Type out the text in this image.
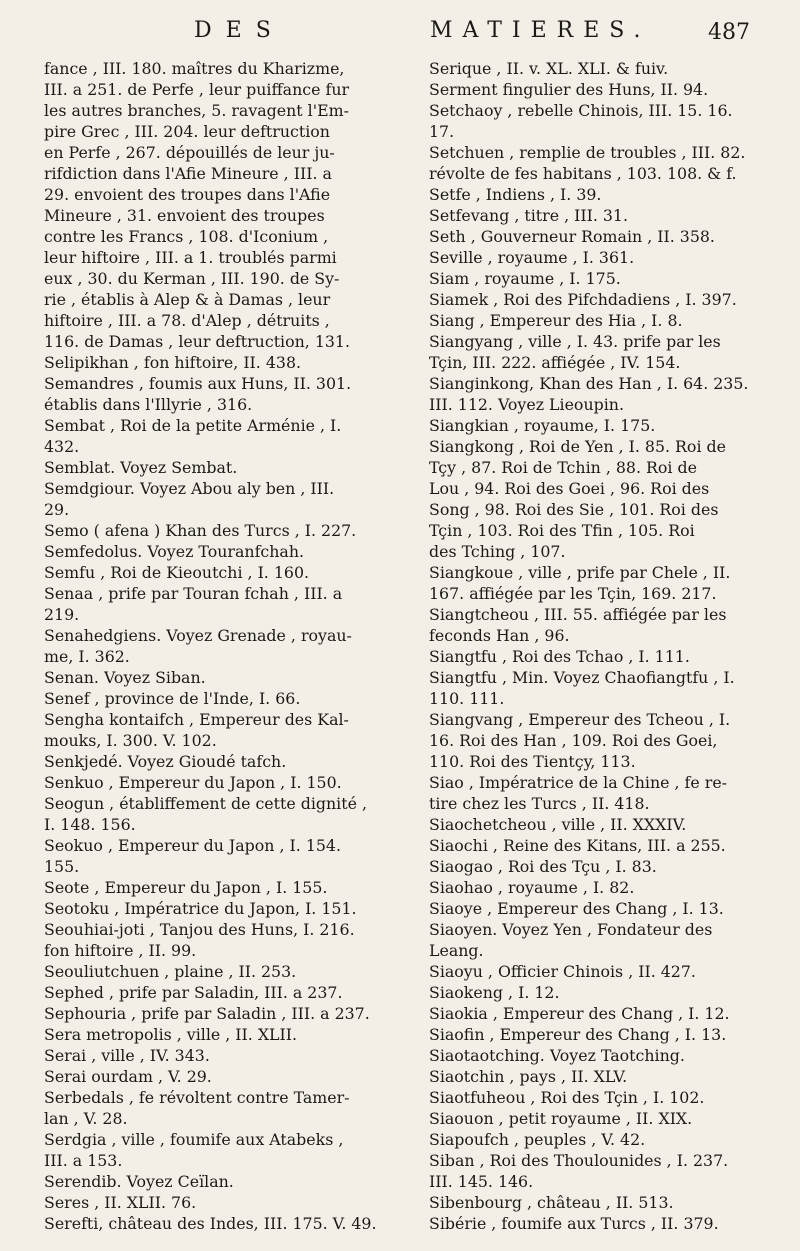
DES	MATIERES.	487
fance , III. 180. maîtres du Kharizme,
III. a 251. de Perfe , leur puiffance fur
les autres branches, 5. ravagent l'Em-
pire Grec , III. 204. leur deftruction
en Perfe , 267. dépouillés de leur ju-
rifdiction dans l'Afie Mineure , III. a
29. envoient des troupes dans l'Afie
Mineure , 31. envoient des troupes
contre les Francs , 108. d'Iconium ,
leur hiftoire , III. a 1. troublés parmi
eux , 30. du Kerman , III. 190. de Sy-
rie , établis à Alep & à Damas , leur
hiftoire , III. a 78. d'Alep , détruits ,
116. de Damas , leur deftruction, 131.
Selipikhan , fon hiftoire, II. 438.
Semandres , foumis aux Huns, II. 301.
établis dans l'Illyrie , 316.
Sembat , Roi de la petite Arménie , I.
432.
Semblat. Voyez Sembat.
Semdgiour. Voyez Abou aly ben , III.
29.
Semo ( afena ) Khan des Turcs , I. 227.
Semfedolus. Voyez Touranfchah.
Semfu , Roi de Kieoutchi , I. 160.
Senaa , prife par Touran fchah , III. a
219.
Senahedgiens. Voyez Grenade , royau-
me, I. 362.
Senan. Voyez Siban.
Senef , province de l'Inde, I. 66.
Sengha kontaifch , Empereur des Kal-
mouks, I. 300. V. 102.
Senkjedé. Voyez Gioudé tafch.
Senkuo , Empereur du Japon , I. 150.
Seogun , établiffement de cette dignité ,
I. 148. 156.
Seokuo , Empereur du Japon , I. 154.
155.
Seote , Empereur du Japon , I. 155.
Seotoku , Impératrice du Japon, I. 151.
Seouhiai-joti , Tanjou des Huns, I. 216.
fon hiftoire , II. 99.
Seouliutchuen , plaine , II. 253.
Sephed , prife par Saladin, III. a 237.
Sephouria , prife par Saladin , III. a 237.
Sera metropolis , ville , II. XLII.
Serai , ville , IV. 343.
Serai ourdam , V. 29.
Serbedals , fe révoltent contre Tamer-
lan , V. 28.
Serdgia , ville , foumife aux Atabeks ,
III. a 153.
Serendib. Voyez Ceïlan.
Seres , II. XLII. 76.
Serefti, château des Indes, III. 175. V. 49.
Serique , II. v. XL. XLI. & fuiv.
Serment fingulier des Huns, II. 94.
Setchaoy , rebelle Chinois, III. 15. 16.
17.
Setchuen , remplie de troubles , III. 82.
révolte de fes habitans , 103. 108. & f.
Setfe , Indiens , I. 39.
Setfevang , titre , III. 31.
Seth , Gouverneur Romain , II. 358.
Seville , royaume , I. 361.
Siam , royaume , I. 175.
Siamek , Roi des Pifchdadiens , I. 397.
Siang , Empereur des Hia , I. 8.
Siangyang , ville , I. 43. prife par les
Tçin, III. 222. affiégée , IV. 154.
Sianginkong, Khan des Han , I. 64. 235.
III. 112. Voyez Lieoupin.
Siangkian , royaume, I. 175.
Siangkong , Roi de Yen , I. 85. Roi de
Tçy , 87. Roi de Tchin , 88. Roi de
Lou , 94. Roi des Goei , 96. Roi des
Song , 98. Roi des Sie , 101. Roi des
Tçin , 103. Roi des Tfin , 105. Roi
des Tching , 107.
Siangkoue , ville , prife par Chele , II.
167. affiégée par les Tçin, 169. 217.
Siangtcheou , III. 55. affiégée par les
feconds Han , 96.
Siangtfu , Roi des Tchao , I. 111.
Siangtfu , Min. Voyez Chaofiangtfu , I.
110. 111.
Siangvang , Empereur des Tcheou , I.
16. Roi des Han , 109. Roi des Goei,
110. Roi des Tientçy, 113.
Siao , Impératrice de la Chine , fe re-
tire chez les Turcs , II. 418.
Siaochetcheou , ville , II. XXXIV.
Siaochi , Reine des Kitans, III. a 255.
Siaogao , Roi des Tçu , I. 83.
Siaohao , royaume , I. 82.
Siaoye , Empereur des Chang , I. 13.
Siaoyen. Voyez Yen , Fondateur des
Leang.
Siaoyu , Officier Chinois , II. 427.
Siaokeng , I. 12.
Siaokia , Empereur des Chang , I. 12.
Siaofin , Empereur des Chang , I. 13.
Siaotaotching. Voyez Taotching.
Siaotchin , pays , II. XLV.
Siaotfuheou , Roi des Tçin , I. 102.
Siaouon , petit royaume , II. XIX.
Siapoufch , peuples , V. 42.
Siban , Roi des Thoulounides , I. 237.
III. 145. 146.
Sibenbourg , château , II. 513.
Sibérie , foumife aux Turcs , II. 379.
